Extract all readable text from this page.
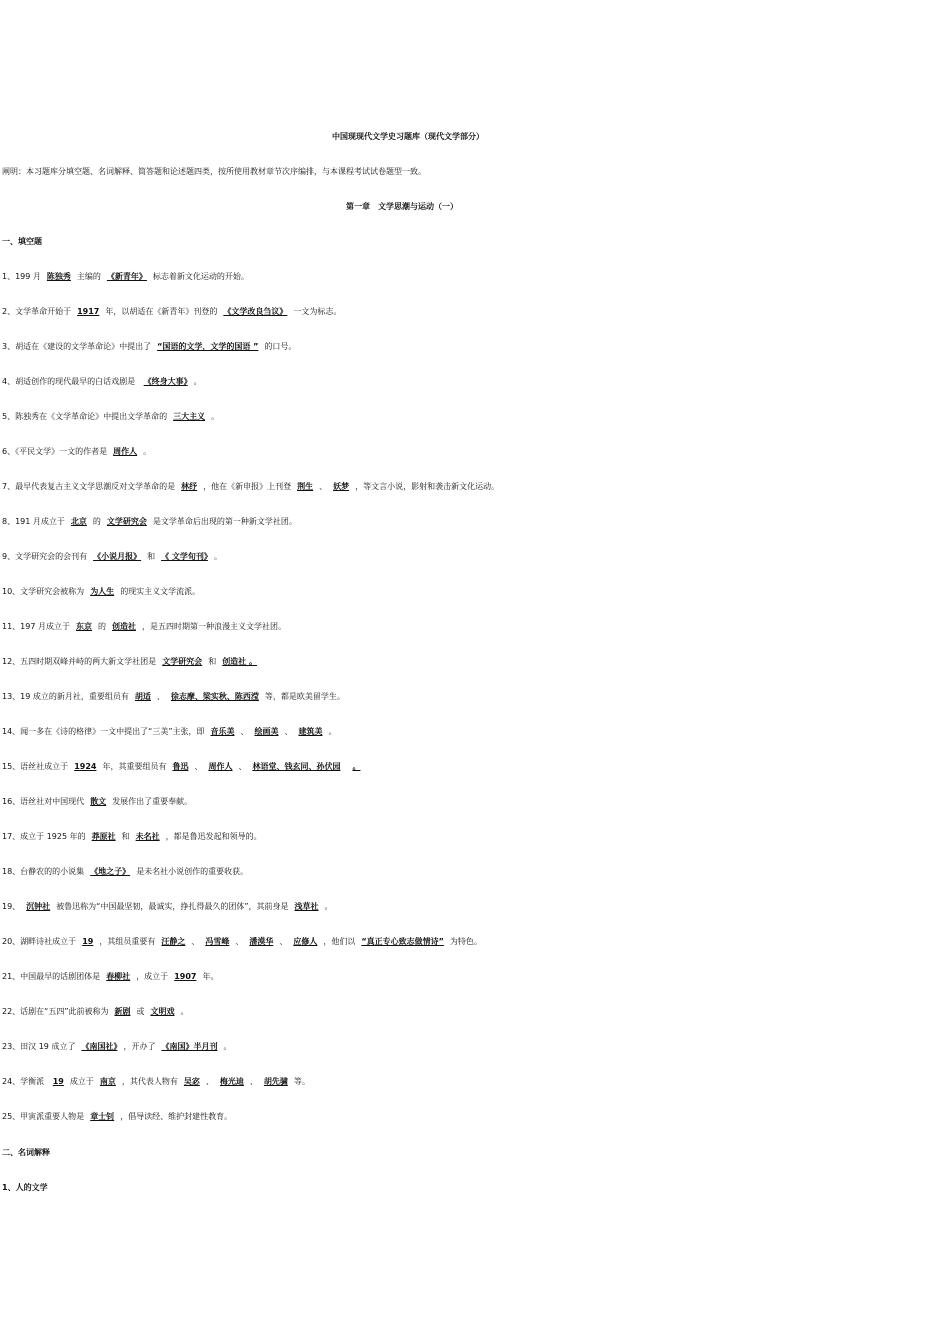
中国现现代文学史习题库（现代文学部分）
阐明：本习题库分填空题、名词解释、简答题和论述题四类，按所使用教材章节次序编排，与本课程考试试卷题型一致。
第一章　文学思潮与运动（一）
一、填空题
1、199 月 陈独秀 主编的 《新青年》 标志着新文化运动的开始。
2、文学革命开始于 1917 年，以胡适在《新青年》刊登的 《文学改良刍议》 一文为标志。
3、胡适在《建设的文学革命论》中提出了 “国语的文学，文学的国语 ” 的口号。
4、胡适创作的现代最早的白话戏剧是 《终身大事》 。
5、陈独秀在《文学革命论》中提出文学革命的 三大主义 。
6、《平民文学》一文的作者是 周作人 。
7、最早代表复古主义文学思潮反对文学革命的是 林纾 ，他在《新申报》上刊登 荆生 、 妖梦 ，等文言小说，影射和袭击新文化运动。
8、191 月成立于 北京 的 文学研究会 是文学革命后出现的第一种新文学社团。
9、文学研究会的会刊有 《小说月报》 和 《 文学旬刊》 。
10、文学研究会被称为 为人生 的现实主义文学流派。
11、197 月成立于 东京 的 创造社 ，是五四时期第一种浪漫主义文学社团。
12、五四时期双峰并峙的两大新文学社团是 文学研究会 和 创造社 。
13、19 成立的新月社，重要组员有 胡适 、 徐志摩、梁实秋、陈西滢 等，都是欧美留学生。
14、闻一多在《诗的格律》一文中提出了“三美”主张，即 音乐美 、 绘画美 、 建筑美 。
15、语丝社成立于 1924 年，其重要组员有 鲁迅 、 周作人 、 林语堂、钱玄同、孙伏园 。
16、语丝社对中国现代 散文 发展作出了重要奉献。
17、成立于 1925 年的 莽原社 和 未名社 ，都是鲁迅发起和领导的。
18、台静农的的小说集 《地之子》 是未名社小说创作的重要收获。
19、 沉钟社 被鲁迅称为“中国最坚韧，最诚实，挣扎得最久的团体”，其前身是 浅草社 。
20、湖畔诗社成立于 19 ，其组员重要有 汪静之 、 冯雪峰 、 潘漠华 、 应修人 ，他们以 “真正专心致志做情诗” 为特色。
21、中国最早的话剧团体是 春柳社 ，成立于 1907 年。
22、话剧在“五四”此前被称为 新剧 或 文明戏 。
23、田汉 19 成立了 《南国社》 ，开办了 《南国》半月刊 。
24、学衡派 19 成立于 南京 ，其代表人物有 吴宓 、 梅光迪 、 胡先骕 等。
25、甲寅派重要人物是 章士钊 ，倡导读经、维护封建性教育。
二、名词解释
1、人的文学
